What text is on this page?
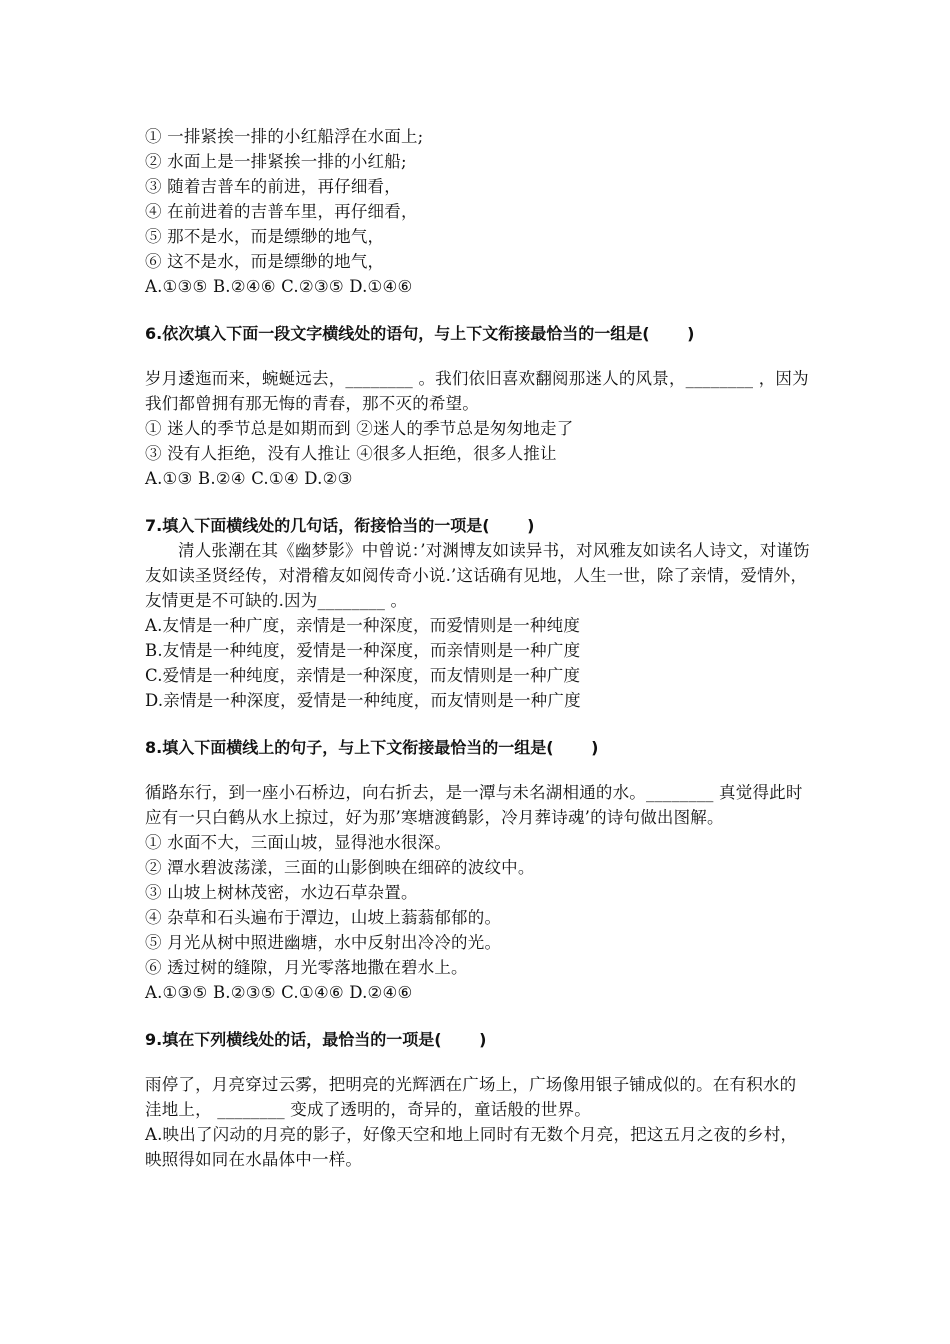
① 一排紧挨一排的小红船浮在水面上;
② 水面上是一排紧挨一排的小红船;
③ 随着吉普车的前进，再仔细看，
④ 在前进着的吉普车里，再仔细看，
⑤ 那不是水，而是缥缈的地气，
⑥ 这不是水，而是缥缈的地气，
A.①③⑤ B.②④⑥ C.②③⑤ D.①④⑥
6.依次填入下面一段文字横线处的语句，与上下文衔接最恰当的一组是(　　 )
岁月逶迤而来，蜿蜒远去，________ 。我们依旧喜欢翻阅那迷人的风景，________ ，因为我们都曾拥有那无悔的青春，那不灭的希望。
① 迷人的季节总是如期而到 ②迷人的季节总是匆匆地走了
③ 没有人拒绝，没有人推让 ④很多人拒绝，很多人推让
A.①③ B.②④ C.①④ D.②③
7.填入下面横线处的几句话，衔接恰当的一项是(　　 )
清人张潮在其《幽梦影》中曾说：’对渊博友如读异书，对风雅友如读名人诗文，对谨饬友如读圣贤经传，对滑稽友如阅传奇小说.’这话确有见地，人生一世，除了亲情，爱情外，友情更是不可缺的.因为________ 。
A.友情是一种广度，亲情是一种深度，而爱情则是一种纯度
B.友情是一种纯度，爱情是一种深度，而亲情则是一种广度
C.爱情是一种纯度，亲情是一种深度，而友情则是一种广度
D.亲情是一种深度，爱情是一种纯度，而友情则是一种广度
8.填入下面横线上的句子，与上下文衔接最恰当的一组是(　　 )
循路东行，到一座小石桥边，向右折去，是一潭与未名湖相通的水。________ 真觉得此时应有一只白鹤从水上掠过，好为那’寒塘渡鹤影，冷月葬诗魂’的诗句做出图解。
① 水面不大，三面山坡，显得池水很深。
② 潭水碧波荡漾，三面的山影倒映在细碎的波纹中。
③ 山坡上树林茂密，水边石草杂置。
④ 杂草和石头遍布于潭边，山坡上蓊蓊郁郁的。
⑤ 月光从树中照进幽塘，水中反射出冷冷的光。
⑥ 透过树的缝隙，月光零落地撒在碧水上。
A.①③⑤ B.②③⑤ C.①④⑥ D.②④⑥
9.填在下列横线处的话，最恰当的一项是(　　 )
雨停了，月亮穿过云雾，把明亮的光辉洒在广场上，广场像用银子铺成似的。在有积水的洼地上， ________ 变成了透明的，奇异的，童话般的世界。
A.映出了闪动的月亮的影子，好像天空和地上同时有无数个月亮，把这五月之夜的乡村，映照得如同在水晶体中一样。
